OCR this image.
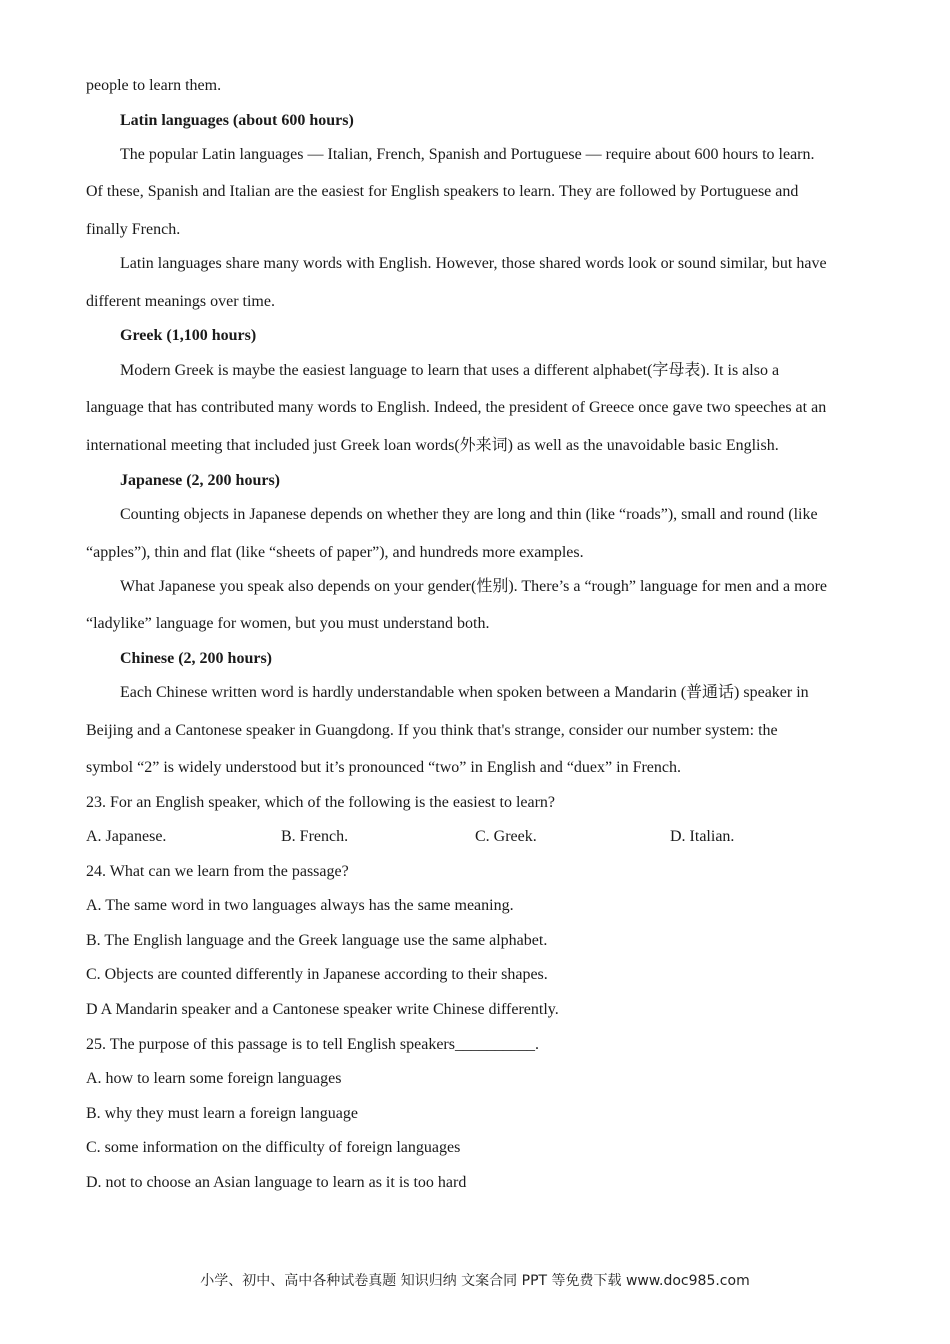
people to learn them.
Latin languages (about 600 hours)
The popular Latin languages — Italian, French, Spanish and Portuguese — require about 600 hours to learn.
Of these, Spanish and Italian are the easiest for English speakers to learn. They are followed by Portuguese and
finally French.
Latin languages share many words with English. However, those shared words look or sound similar, but have
different meanings over time.
Greek (1,100 hours)
Modern Greek is maybe the easiest language to learn that uses a different alphabet(字母表). It is also a
language that has contributed many words to English. Indeed, the president of Greece once gave two speeches at an
international meeting that included just Greek loan words(外来词) as well as the unavoidable basic English.
Japanese (2, 200 hours)
Counting objects in Japanese depends on whether they are long and thin (like “roads”), small and round (like
“apples”), thin and flat (like “sheets of paper”), and hundreds more examples.
What Japanese you speak also depends on your gender(性别). There’s a “rough” language for men and a more
“ladylike” language for women, but you must understand both.
Chinese (2, 200 hours)
Each Chinese written word is hardly understandable when spoken between a Mandarin (普通话) speaker in
Beijing and a Cantonese speaker in Guangdong. If you think that's strange, consider our number system: the
symbol “2” is widely understood but it’s pronounced “two” in English and “duex” in French.
23. For an English speaker, which of the following is the easiest to learn?
A. Japanese.	B. French.	C. Greek.	D. Italian.
24. What can we learn from the passage?
A. The same word in two languages always has the same meaning.
B. The English language and the Greek language use the same alphabet.
C. Objects are counted differently in Japanese according to their shapes.
D A Mandarin speaker and a Cantonese speaker write Chinese differently.
25. The purpose of this passage is to tell English speakers__________.
A. how to learn some foreign languages
B. why they must learn a foreign language
C. some information on the difficulty of foreign languages
D. not to choose an Asian language to learn as it is too hard
小学、初中、高中各种试卷真题 知识归纳 文案合同 PPT 等免费下载 www.doc985.com
